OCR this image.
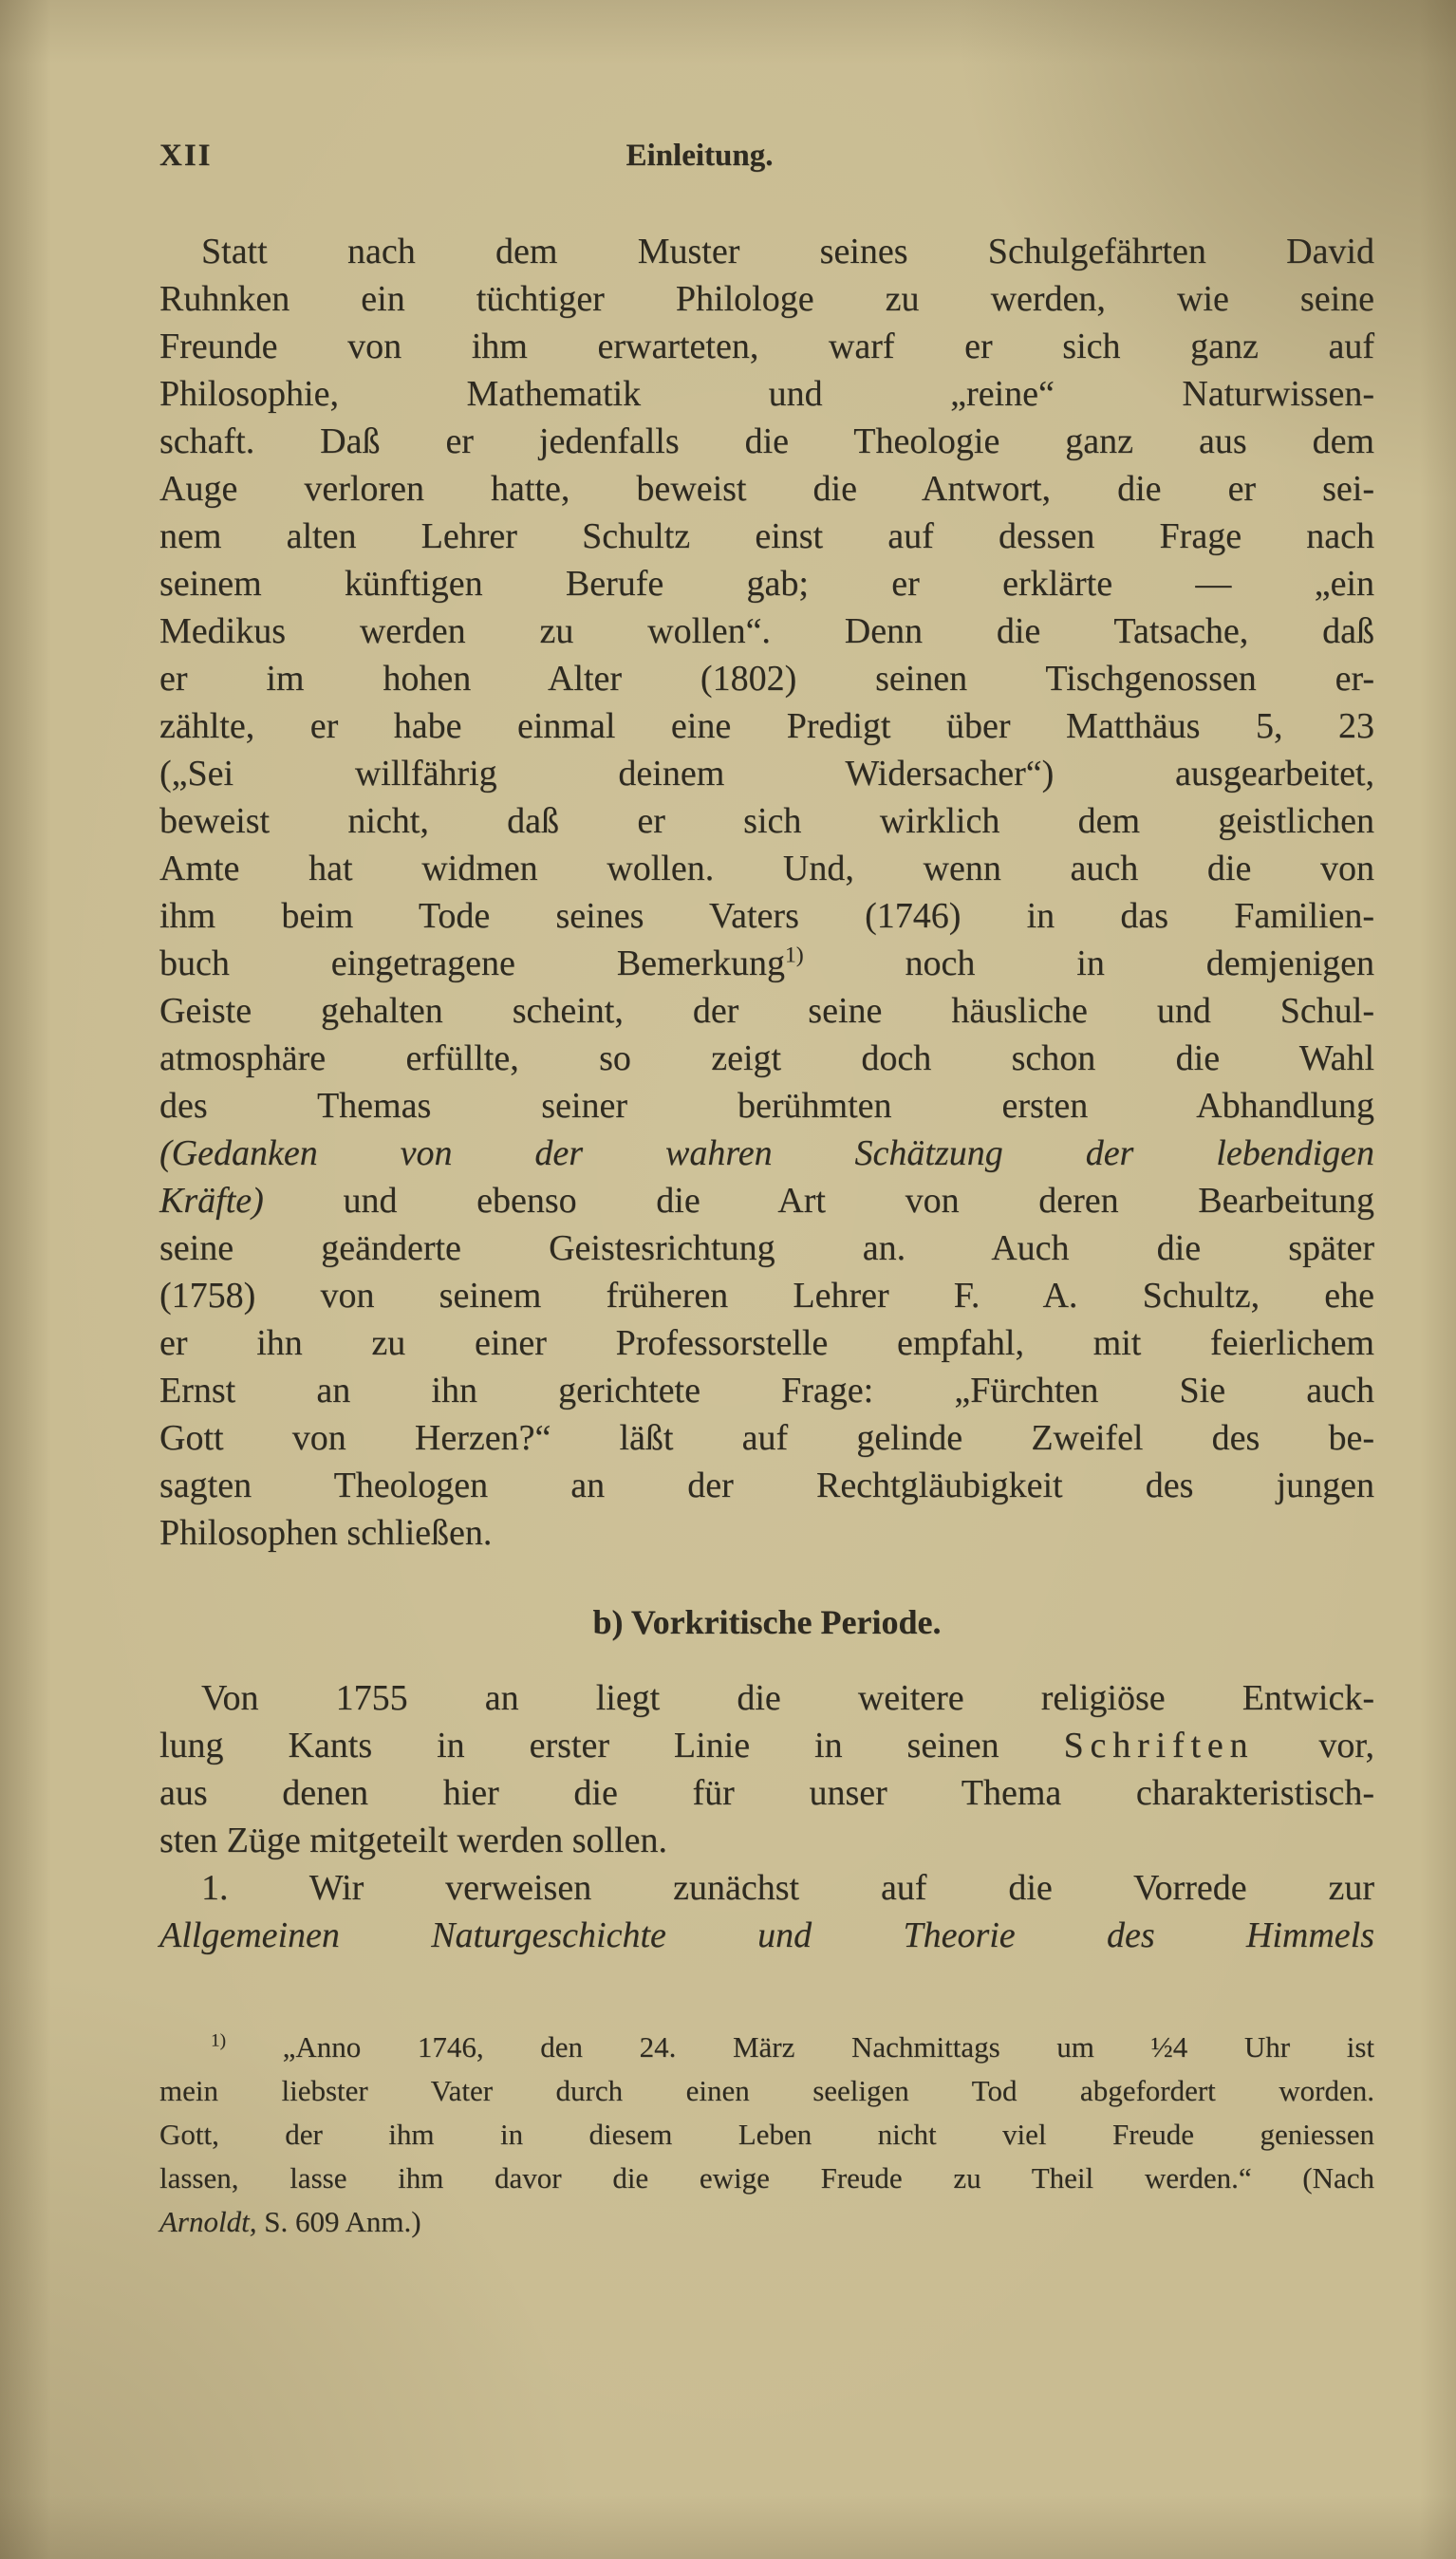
XII	Einleitung.
Statt nach dem Muster seines Schulgefährten David
Ruhnken ein tüchtiger Philologe zu werden, wie seine
Freunde von ihm erwarteten, warf er sich ganz auf
Philosophie, Mathematik und „reine“ Naturwissen-
schaft. Daß er jedenfalls die Theologie ganz aus dem
Auge verloren hatte, beweist die Antwort, die er sei-
nem alten Lehrer Schultz einst auf dessen Frage nach
seinem künftigen Berufe gab; er erklärte — „ein
Medikus werden zu wollen“. Denn die Tatsache, daß
er im hohen Alter (1802) seinen Tischgenossen er-
zählte, er habe einmal eine Predigt über Matthäus 5, 23
(„Sei willfährig deinem Widersacher“) ausgearbeitet,
beweist nicht, daß er sich wirklich dem geistlichen
Amte hat widmen wollen. Und, wenn auch die von
ihm beim Tode seines Vaters (1746) in das Familien-
buch eingetragene Bemerkung$^{1)}$ noch in demjenigen
Geiste gehalten scheint, der seine häusliche und Schul-
atmosphäre erfüllte, so zeigt doch schon die Wahl
des Themas seiner berühmten ersten Abhandlung
(Gedanken von der wahren Schätzung der lebendigen
Kräfte) und ebenso die Art von deren Bearbeitung
seine geänderte Geistesrichtung an. Auch die später
(1758) von seinem früheren Lehrer F. A. Schultz, ehe
er ihn zu einer Professorstelle empfahl, mit feierlichem
Ernst an ihn gerichtete Frage: „Fürchten Sie auch
Gott von Herzen?“ läßt auf gelinde Zweifel des be-
sagten Theologen an der Rechtgläubigkeit des jungen
Philosophen schließen.
b) Vorkritische Periode.
Von 1755 an liegt die weitere religiöse Entwick-
lung Kants in erster Linie in seinen Schriften vor,
aus denen hier die für unser Thema charakteristisch-
sten Züge mitgeteilt werden sollen.
1. Wir verweisen zunächst auf die Vorrede zur
Allgemeinen Naturgeschichte und Theorie des Himmels
$^{1)}$ „Anno 1746, den 24. März Nachmittags um ½4 Uhr ist
mein liebster Vater durch einen seeligen Tod abgefordert worden.
Gott, der ihm in diesem Leben nicht viel Freude geniessen
lassen, lasse ihm davor die ewige Freude zu Theil werden.“ (Nach
Arnoldt, S. 609 Anm.)
